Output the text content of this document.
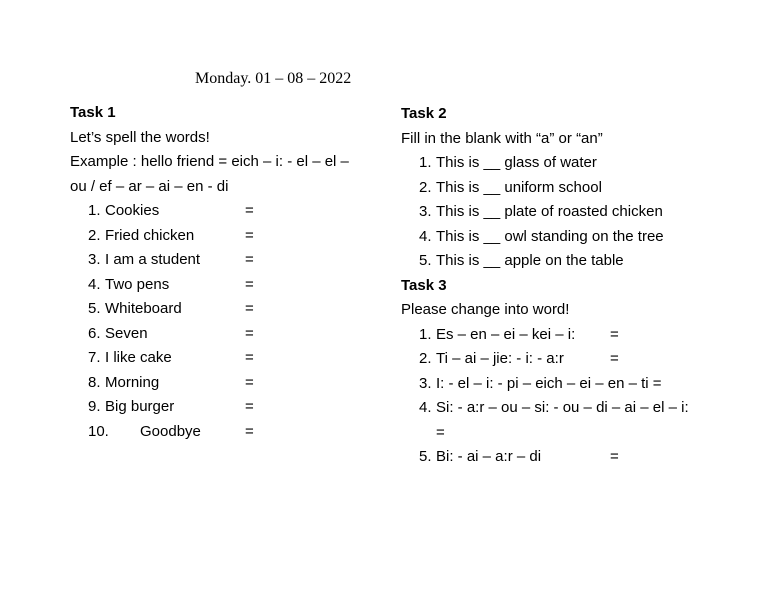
Monday. 01 – 08 – 2022
Task 1
Let’s spell the words!
Example : hello friend = eich – i: - el – el –
ou / ef – ar – ai – en - di
1. Cookies	=
2. Fried chicken	=
3. I am a student	=
4. Two pens	=
5. Whiteboard	=
6. Seven	=
7. I like cake	=
8. Morning	=
9. Big burger	=
10. Goodbye	=
Task 2
Fill in the blank with “a” or “an”
1. This is __ glass of water
2. This is __ uniform school
3. This is __ plate of roasted chicken
4. This is __ owl standing on the tree
5. This is __ apple on the table
Task 3
Please change into word!
1. Es – en – ei – kei – i: =
2. Ti – ai – jie: - i: - a:r	=
3. I: - el – i: - pi – eich – ei – en – ti =
4. Si: - a:r – ou – si: - ou – di – ai – el – i:
=
5. Bi: - ai – a:r – di	=
